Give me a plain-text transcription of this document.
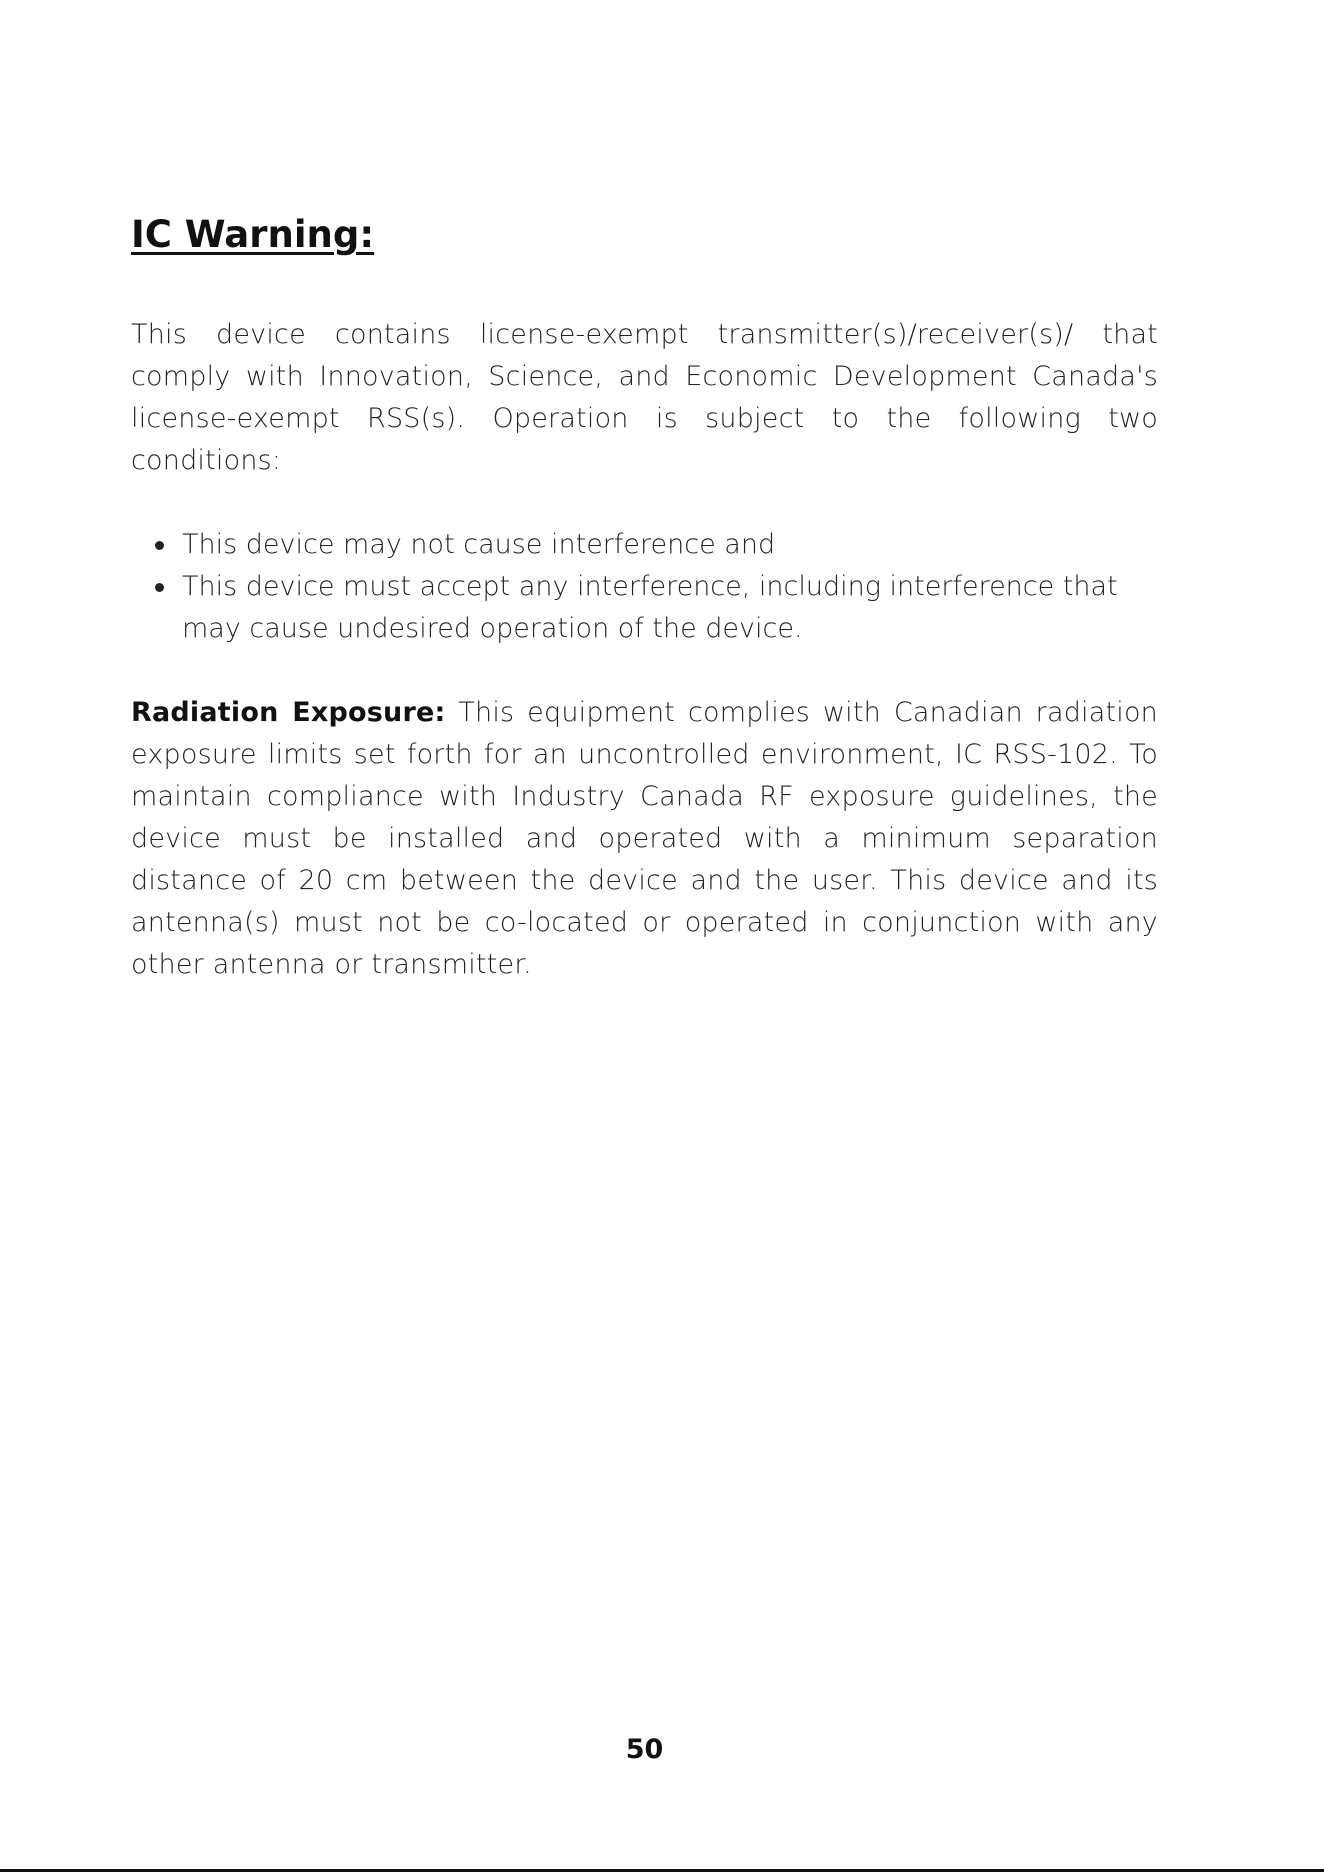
IC Warning:

This device contains license-exempt transmitter(s)/receiver(s)/ that comply with Innovation, Science, and Economic Development Canada's license-exempt RSS(s). Operation is subject to the following two conditions:

This device may not cause interference and
This device must accept any interference, including interference that may cause undesired operation of the device.

Radiation Exposure: This equipment complies with Canadian radiation exposure limits set forth for an uncontrolled environment, IC RSS-102. To maintain compliance with Industry Canada RF exposure guidelines, the device must be installed and operated with a minimum separation distance of 20 cm between the device and the user. This device and its antenna(s) must not be co-located or operated in conjunction with any other antenna or transmitter.

50
